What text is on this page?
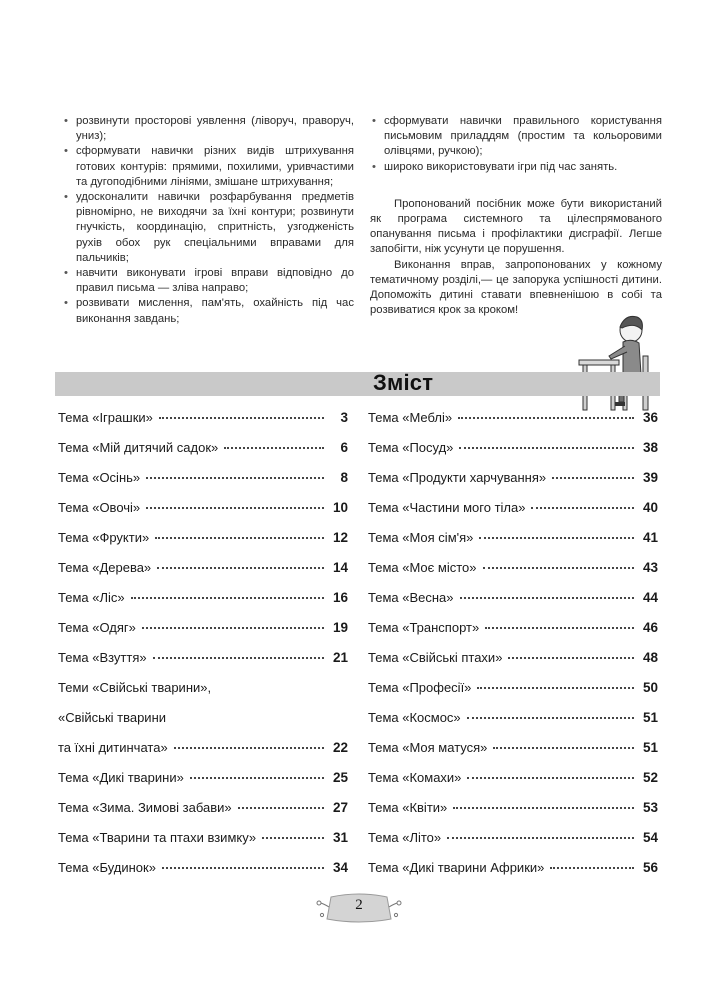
• розвинути просторові уявлення (ліворуч, праворуч, униз);
• сформувати навички різних видів штрихування готових контурів: прямими, похилими, уривчастими та дугоподібними лініями, змішане штрихування;
• удосконалити навички розфарбування предметів рівномірно, не виходячи за їхні контури; розвинути гнучкість, координацію, спритність, узгодженість рухів обох рук спеціальними вправами для пальчиків;
• навчити виконувати ігрові вправи відповідно до правил письма — зліва направо;
• розвивати мислення, пам'ять, охайність під час виконання завдань;
• сформувати навички правильного користування письмовим приладдям (простим та кольоровими олівцями, ручкою);
• широко використовувати ігри під час занять.

Пропонований посібник може бути використаний як програма системного та цілеспрямованого опанування письма і профілактики дисграфії. Легше запобігти, ніж усунути це порушення.

Виконання вправ, запропонованих у кожному тематичному розділі,— це запорука успішності дитини. Допоможіть дитині ставати впевненішою в собі та розвиватися крок за кроком!

Зміст
Тема «Іграшки»	3
Тема «Мій дитячий садок»	6
Тема «Осінь»	8
Тема «Овочі»	10
Тема «Фрукти»	12
Тема «Дерева»	14
Тема «Ліс»	16
Тема «Одяг»	19
Тема «Взуття»	21
Теми «Свійські тварини»,
«Свійські тварини
та їхні дитинчата»	22
Тема «Дикі тварини»	25
Тема «Зима. Зимові забави»	27
Тема «Тварини та птахи взимку»	31
Тема «Будинок»	34
Тема «Меблі»	36
Тема «Посуд»	38
Тема «Продукти харчування»	39
Тема «Частини мого тіла»	40
Тема «Моя сім'я»	41
Тема «Моє місто»	43
Тема «Весна»	44
Тема «Транспорт»	46
Тема «Свійські птахи»	48
Тема «Професії»	50
Тема «Космос»	51
Тема «Моя матуся»	51
Тема «Комахи»	52
Тема «Квіти»	53
Тема «Літо»	54
Тема «Дикі тварини Африки»	56
2
